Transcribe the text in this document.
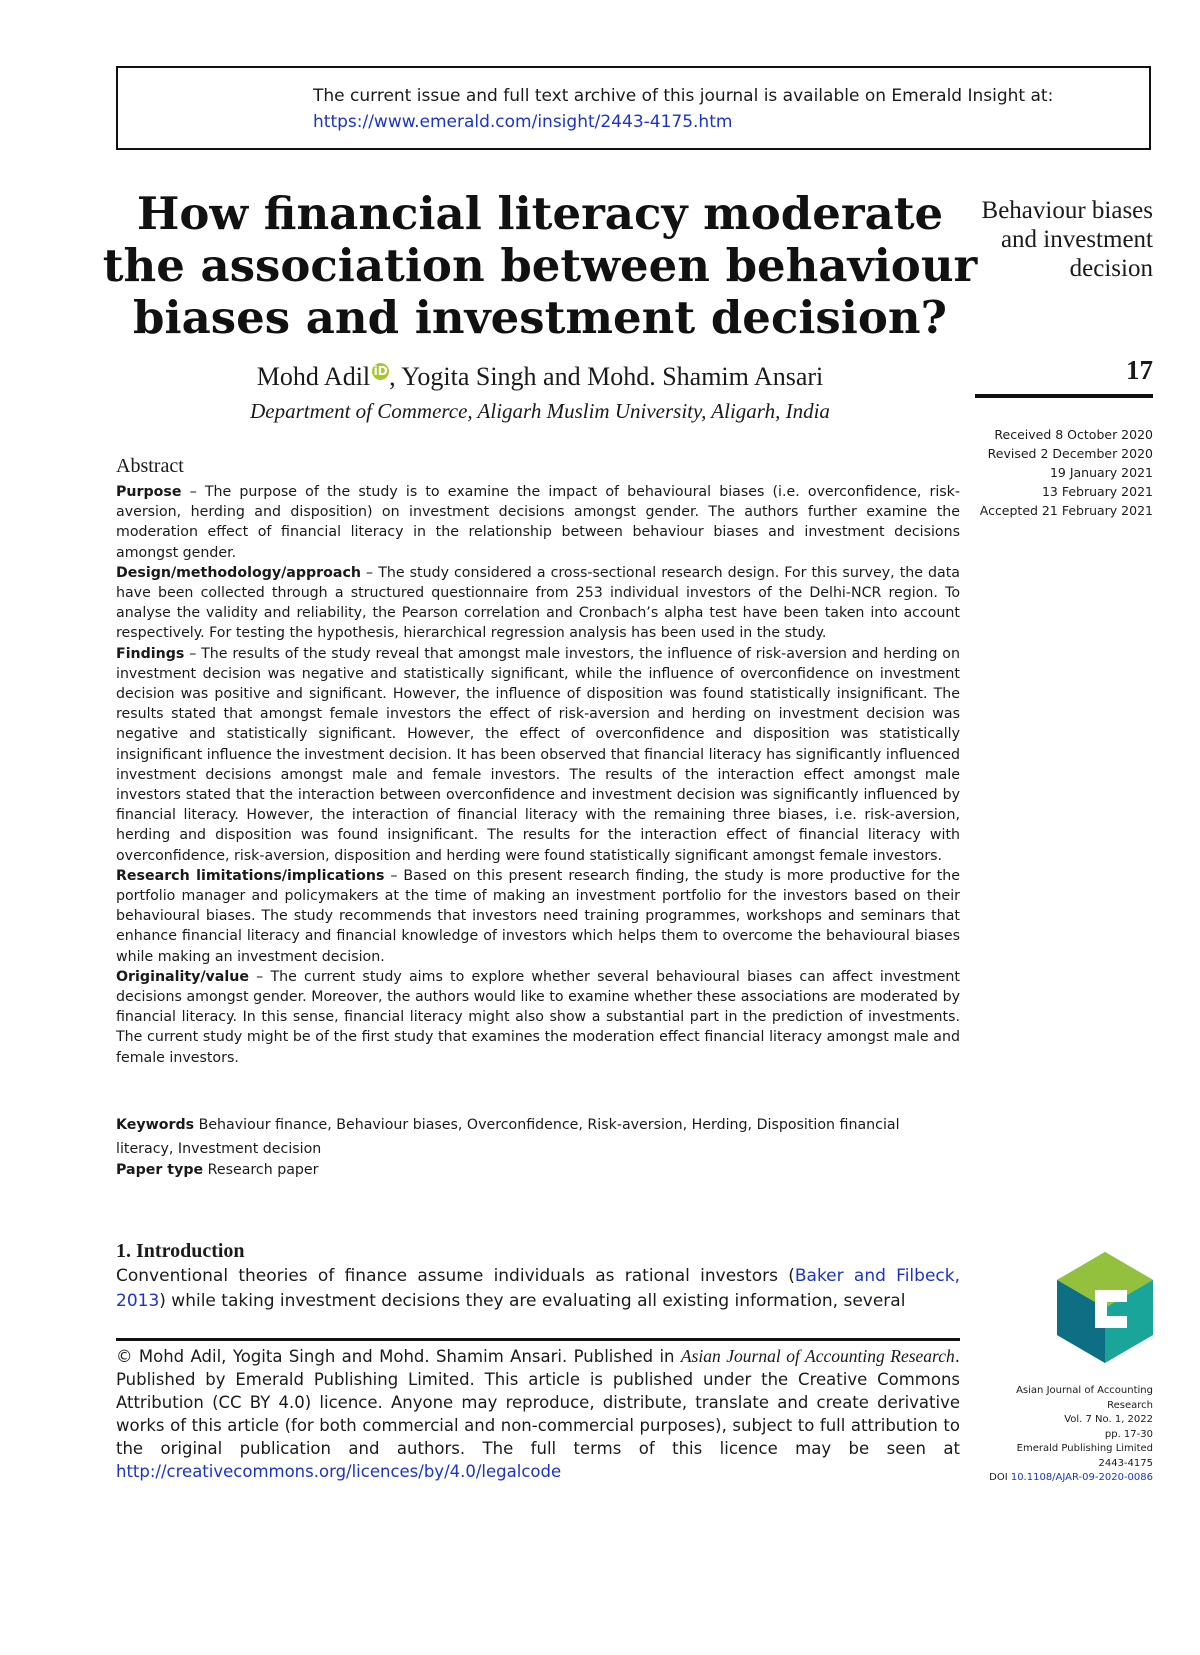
The current issue and full text archive of this journal is available on Emerald Insight at:
https://www.emerald.com/insight/2443-4175.htm
How financial literacy moderate the association between behaviour biases and investment decision?
Mohd Adil iD, Yogita Singh and Mohd. Shamim Ansari
Department of Commerce, Aligarh Muslim University, Aligarh, India
Behaviour biases and investment decision
17
Received 8 October 2020
Revised 2 December 2020
19 January 2021
13 February 2021
Accepted 21 February 2021
Abstract

Purpose – The purpose of the study is to examine the impact of behavioural biases (i.e. overconfidence, risk-aversion, herding and disposition) on investment decisions amongst gender. The authors further examine the moderation effect of financial literacy in the relationship between behaviour biases and investment decisions amongst gender.

Design/methodology/approach – The study considered a cross-sectional research design. For this survey, the data have been collected through a structured questionnaire from 253 individual investors of the Delhi-NCR region. To analyse the validity and reliability, the Pearson correlation and Cronbach’s alpha test have been taken into account respectively. For testing the hypothesis, hierarchical regression analysis has been used in the study.

Findings – The results of the study reveal that amongst male investors, the influence of risk-aversion and herding on investment decision was negative and statistically significant, while the influence of overconfidence on investment decision was positive and significant. However, the influence of disposition was found statistically insignificant. The results stated that amongst female investors the effect of risk-aversion and herding on investment decision was negative and statistically significant. However, the effect of overconfidence and disposition was statistically insignificant influence the investment decision. It has been observed that financial literacy has significantly influenced investment decisions amongst male and female investors. The results of the interaction effect amongst male investors stated that the interaction between overconfidence and investment decision was significantly influenced by financial literacy. However, the interaction of financial literacy with the remaining three biases, i.e. risk-aversion, herding and disposition was found insignificant. The results for the interaction effect of financial literacy with overconfidence, risk-aversion, disposition and herding were found statistically significant amongst female investors.

Research limitations/implications – Based on this present research finding, the study is more productive for the portfolio manager and policymakers at the time of making an investment portfolio for the investors based on their behavioural biases. The study recommends that investors need training programmes, workshops and seminars that enhance financial literacy and financial knowledge of investors which helps them to overcome the behavioural biases while making an investment decision.

Originality/value – The current study aims to explore whether several behavioural biases can affect investment decisions amongst gender. Moreover, the authors would like to examine whether these associations are moderated by financial literacy. In this sense, financial literacy might also show a substantial part in the prediction of investments. The current study might be of the first study that examines the moderation effect financial literacy amongst male and female investors.

Keywords Behaviour finance, Behaviour biases, Overconfidence, Risk-aversion, Herding, Disposition financial literacy, Investment decision
Paper type Research paper
1. Introduction

Conventional theories of finance assume individuals as rational investors (Baker and Filbeck, 2013) while taking investment decisions they are evaluating all existing information, several

© Mohd Adil, Yogita Singh and Mohd. Shamim Ansari. Published in Asian Journal of Accounting Research. Published by Emerald Publishing Limited. This article is published under the Creative Commons Attribution (CC BY 4.0) licence. Anyone may reproduce, distribute, translate and create derivative works of this article (for both commercial and non-commercial purposes), subject to full attribution to the original publication and authors. The full terms of this licence may be seen at http://creativecommons.org/licences/by/4.0/legalcode

Asian Journal of Accounting
Research
Vol. 7 No. 1, 2022
pp. 17-30
Emerald Publishing Limited
2443-4175
DOI 10.1108/AJAR-09-2020-0086
